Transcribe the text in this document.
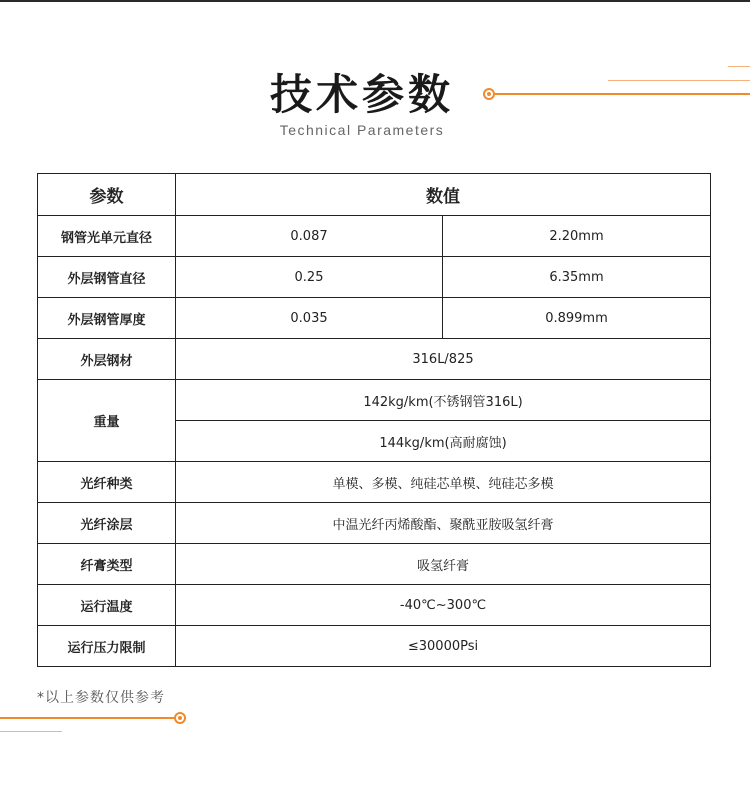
技术参数
Technical Parameters
参数	数值	
钢管光单元直径	0.087	2.20mm
外层钢管直径	0.25	6.35mm
外层钢管厚度	0.035	0.899mm
外层钢材	316L/825	
重量	142kg/km(不锈钢管316L)	
	144kg/km(高耐腐蚀)	
光纤种类	单模、多模、纯硅芯单模、纯硅芯多模	
光纤涂层	中温光纤丙烯酸酯、聚酰亚胺吸氢纤膏	
纤膏类型	吸氢纤膏	
运行温度	-40℃~300℃	
运行压力限制	≤30000Psi	
*以上参数仅供参考
